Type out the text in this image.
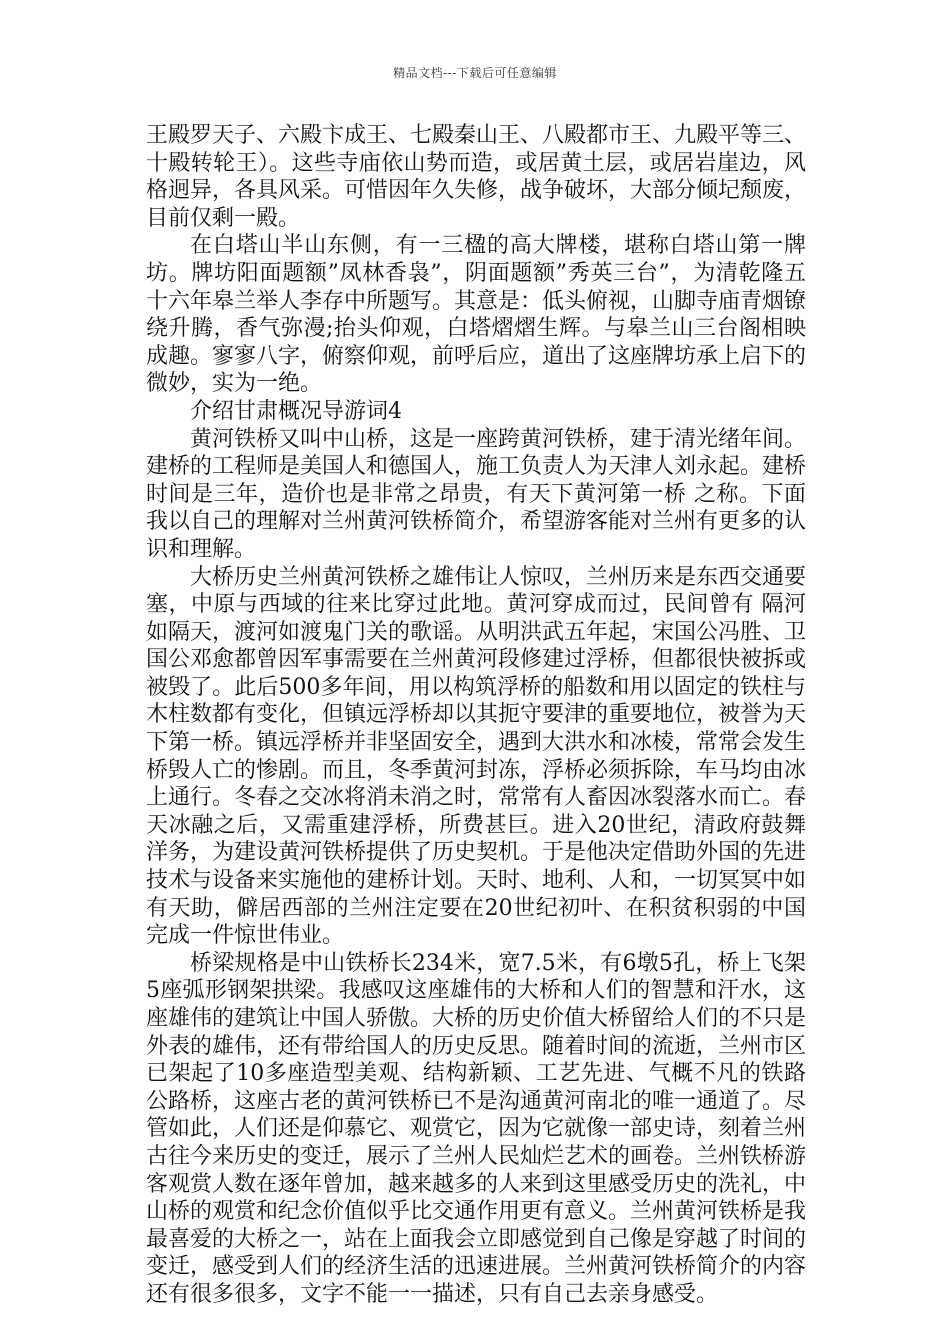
精品文档---下载后可任意编辑

王殿罗天子、六殿卞成王、七殿秦山王、八殿都市王、九殿平等三、十殿转轮王）。这些寺庙依山势而造，或居黄土层，或居岩崖边，风格迥异，各具风采。可惜因年久失修，战争破坏，大部分倾圮颓废，目前仅剩一殿。

在白塔山半山东侧，有一三楹的高大牌楼，堪称白塔山第一牌坊。牌坊阳面题额”凤林香袅”，阴面题额”秀英三台”，为清乾隆五十六年皋兰举人李存中所题写。其意是：低头俯视，山脚寺庙青烟镣绕升腾，香气弥漫;抬头仰观，白塔熠熠生辉。与皋兰山三台阁相映成趣。寥寥八字，俯察仰观，前呼后应，道出了这座牌坊承上启下的微妙，实为一绝。

介绍甘肃概况导游词4

黄河铁桥又叫中山桥，这是一座跨黄河铁桥，建于清光绪年间。建桥的工程师是美国人和德国人，施工负责人为天津人刘永起。建桥时间是三年，造价也是非常之昂贵，有天下黄河第一桥 之称。下面我以自己的理解对兰州黄河铁桥简介，希望游客能对兰州有更多的认识和理解。

大桥历史兰州黄河铁桥之雄伟让人惊叹，兰州历来是东西交通要塞，中原与西域的往来比穿过此地。黄河穿成而过，民间曾有 隔河如隔天，渡河如渡鬼门关的歌谣。从明洪武五年起，宋国公冯胜、卫国公邓愈都曾因军事需要在兰州黄河段修建过浮桥，但都很快被拆或被毁了。此后500多年间，用以构筑浮桥的船数和用以固定的铁柱与木柱数都有变化，但镇远浮桥却以其扼守要津的重要地位，被誉为天下第一桥。镇远浮桥并非坚固安全，遇到大洪水和冰棱，常常会发生桥毁人亡的惨剧。而且，冬季黄河封冻，浮桥必须拆除，车马均由冰上通行。冬春之交冰将消未消之时，常常有人畜因冰裂落水而亡。春天冰融之后，又需重建浮桥，所费甚巨。进入20世纪，清政府鼓舞洋务，为建设黄河铁桥提供了历史契机。于是他决定借助外国的先进技术与设备来实施他的建桥计划。天时、地利、人和，一切冥冥中如有天助，僻居西部的兰州注定要在20世纪初叶、在积贫积弱的中国完成一件惊世伟业。

桥梁规格是中山铁桥长234米，宽7.5米，有6墩5孔，桥上飞架5座弧形钢架拱梁。我感叹这座雄伟的大桥和人们的智慧和汗水，这座雄伟的建筑让中国人骄傲。大桥的历史价值大桥留给人们的不只是外表的雄伟，还有带给国人的历史反思。随着时间的流逝，兰州市区已架起了10多座造型美观、结构新颖、工艺先进、气概不凡的铁路公路桥，这座古老的黄河铁桥已不是沟通黄河南北的唯一通道了。尽管如此，人们还是仰慕它、观赏它，因为它就像一部史诗，刻着兰州古往今来历史的变迁，展示了兰州人民灿烂艺术的画卷。兰州铁桥游客观赏人数在逐年曾加，越来越多的人来到这里感受历史的洗礼，中山桥的观赏和纪念价值似乎比交通作用更有意义。兰州黄河铁桥是我最喜爱的大桥之一，站在上面我会立即感觉到自己像是穿越了时间的变迁，感受到人们的经济生活的迅速进展。兰州黄河铁桥简介的内容还有很多很多，文字不能一一描述，只有自己去亲身感受。
